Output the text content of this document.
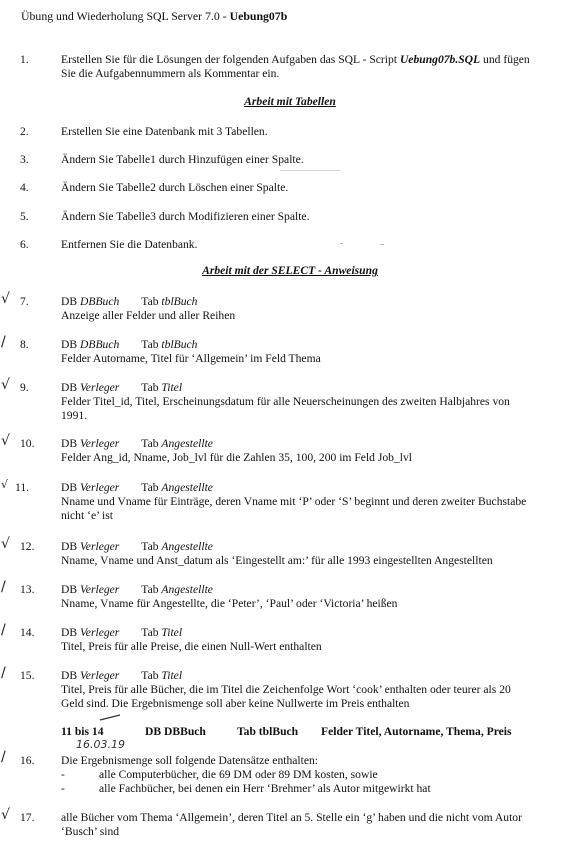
Übung und Wiederholung SQL Server 7.0 - Uebung07b
1.	Erstellen Sie für die Lösungen der folgenden Aufgaben das SQL - Script Uebung07b.SQL und fügen
Sie die Aufgabennummern als Kommentar ein.
Arbeit mit Tabellen
2.	Erstellen Sie eine Datenbank mit 3 Tabellen.
3.	Ändern Sie Tabelle1 durch Hinzufügen einer Spalte.
4.	Ändern Sie Tabelle2 durch Löschen einer Spalte.
5.	Ändern Sie Tabelle3 durch Modifizieren einer Spalte.
6.	Entfernen Sie die Datenbank.
Arbeit mit der SELECT - Anweisung
√ 7.	DB DBBuch Tab tblBuch
Anzeige aller Felder und aller Reihen
/ 8.	DB DBBuch Tab tblBuch
Felder Autorname, Titel für ‘Allgemein’ im Feld Thema
√ 9.	DB Verleger Tab Titel
Felder Titel_id, Titel, Erscheinungsdatum für alle Neuerscheinungen des zweiten Halbjahres von
1991.
√ 10.	DB Verleger Tab Angestellte
Felder Ang_id, Nname, Job_lvl für die Zahlen 35, 100, 200 im Feld Job_lvl
√ 11.	DB Verleger Tab Angestellte
Nname und Vname für Einträge, deren Vname mit ‘P’ oder ‘S’ beginnt und deren zweiter Buchstabe
nicht ‘e’ ist
√ 12.	DB Verleger Tab Angestellte
Nname, Vname und Anst_datum als ‘Eingestellt am:’ für alle 1993 eingestellten Angestellten
/ 13.	DB Verleger Tab Angestellte
Nname, Vname für Angestellte, die ‘Peter’, ‘Paul’ oder ‘Victoria’ heißen
/ 14.	DB Verleger Tab Titel
Titel, Preis für alle Preise, die einen Null-Wert enthalten
/ 15.	DB Verleger Tab Titel
Titel, Preis für alle Bücher, die im Titel die Zeichenfolge Wort ‘cook’ enthalten oder teurer als 20
Geld sind. Die Ergebnismenge soll aber keine Nullwerte im Preis enthalten
11 bis 14	DB DBBuch	Tab tblBuch Felder Titel, Autorname, Thema, Preis
16.03.19
/ 16.	Die Ergebnismenge soll folgende Datensätze enthalten:
-	alle Computerbücher, die 69 DM oder 89 DM kosten, sowie
-	alle Fachbücher, bei denen ein Herr ‘Brehmer’ als Autor mitgewirkt hat
√ 17.	alle Bücher vom Thema ‘Allgemein’, deren Titel an 5. Stelle ein ‘g’ haben und die nicht vom Autor
‘Busch’ sind
